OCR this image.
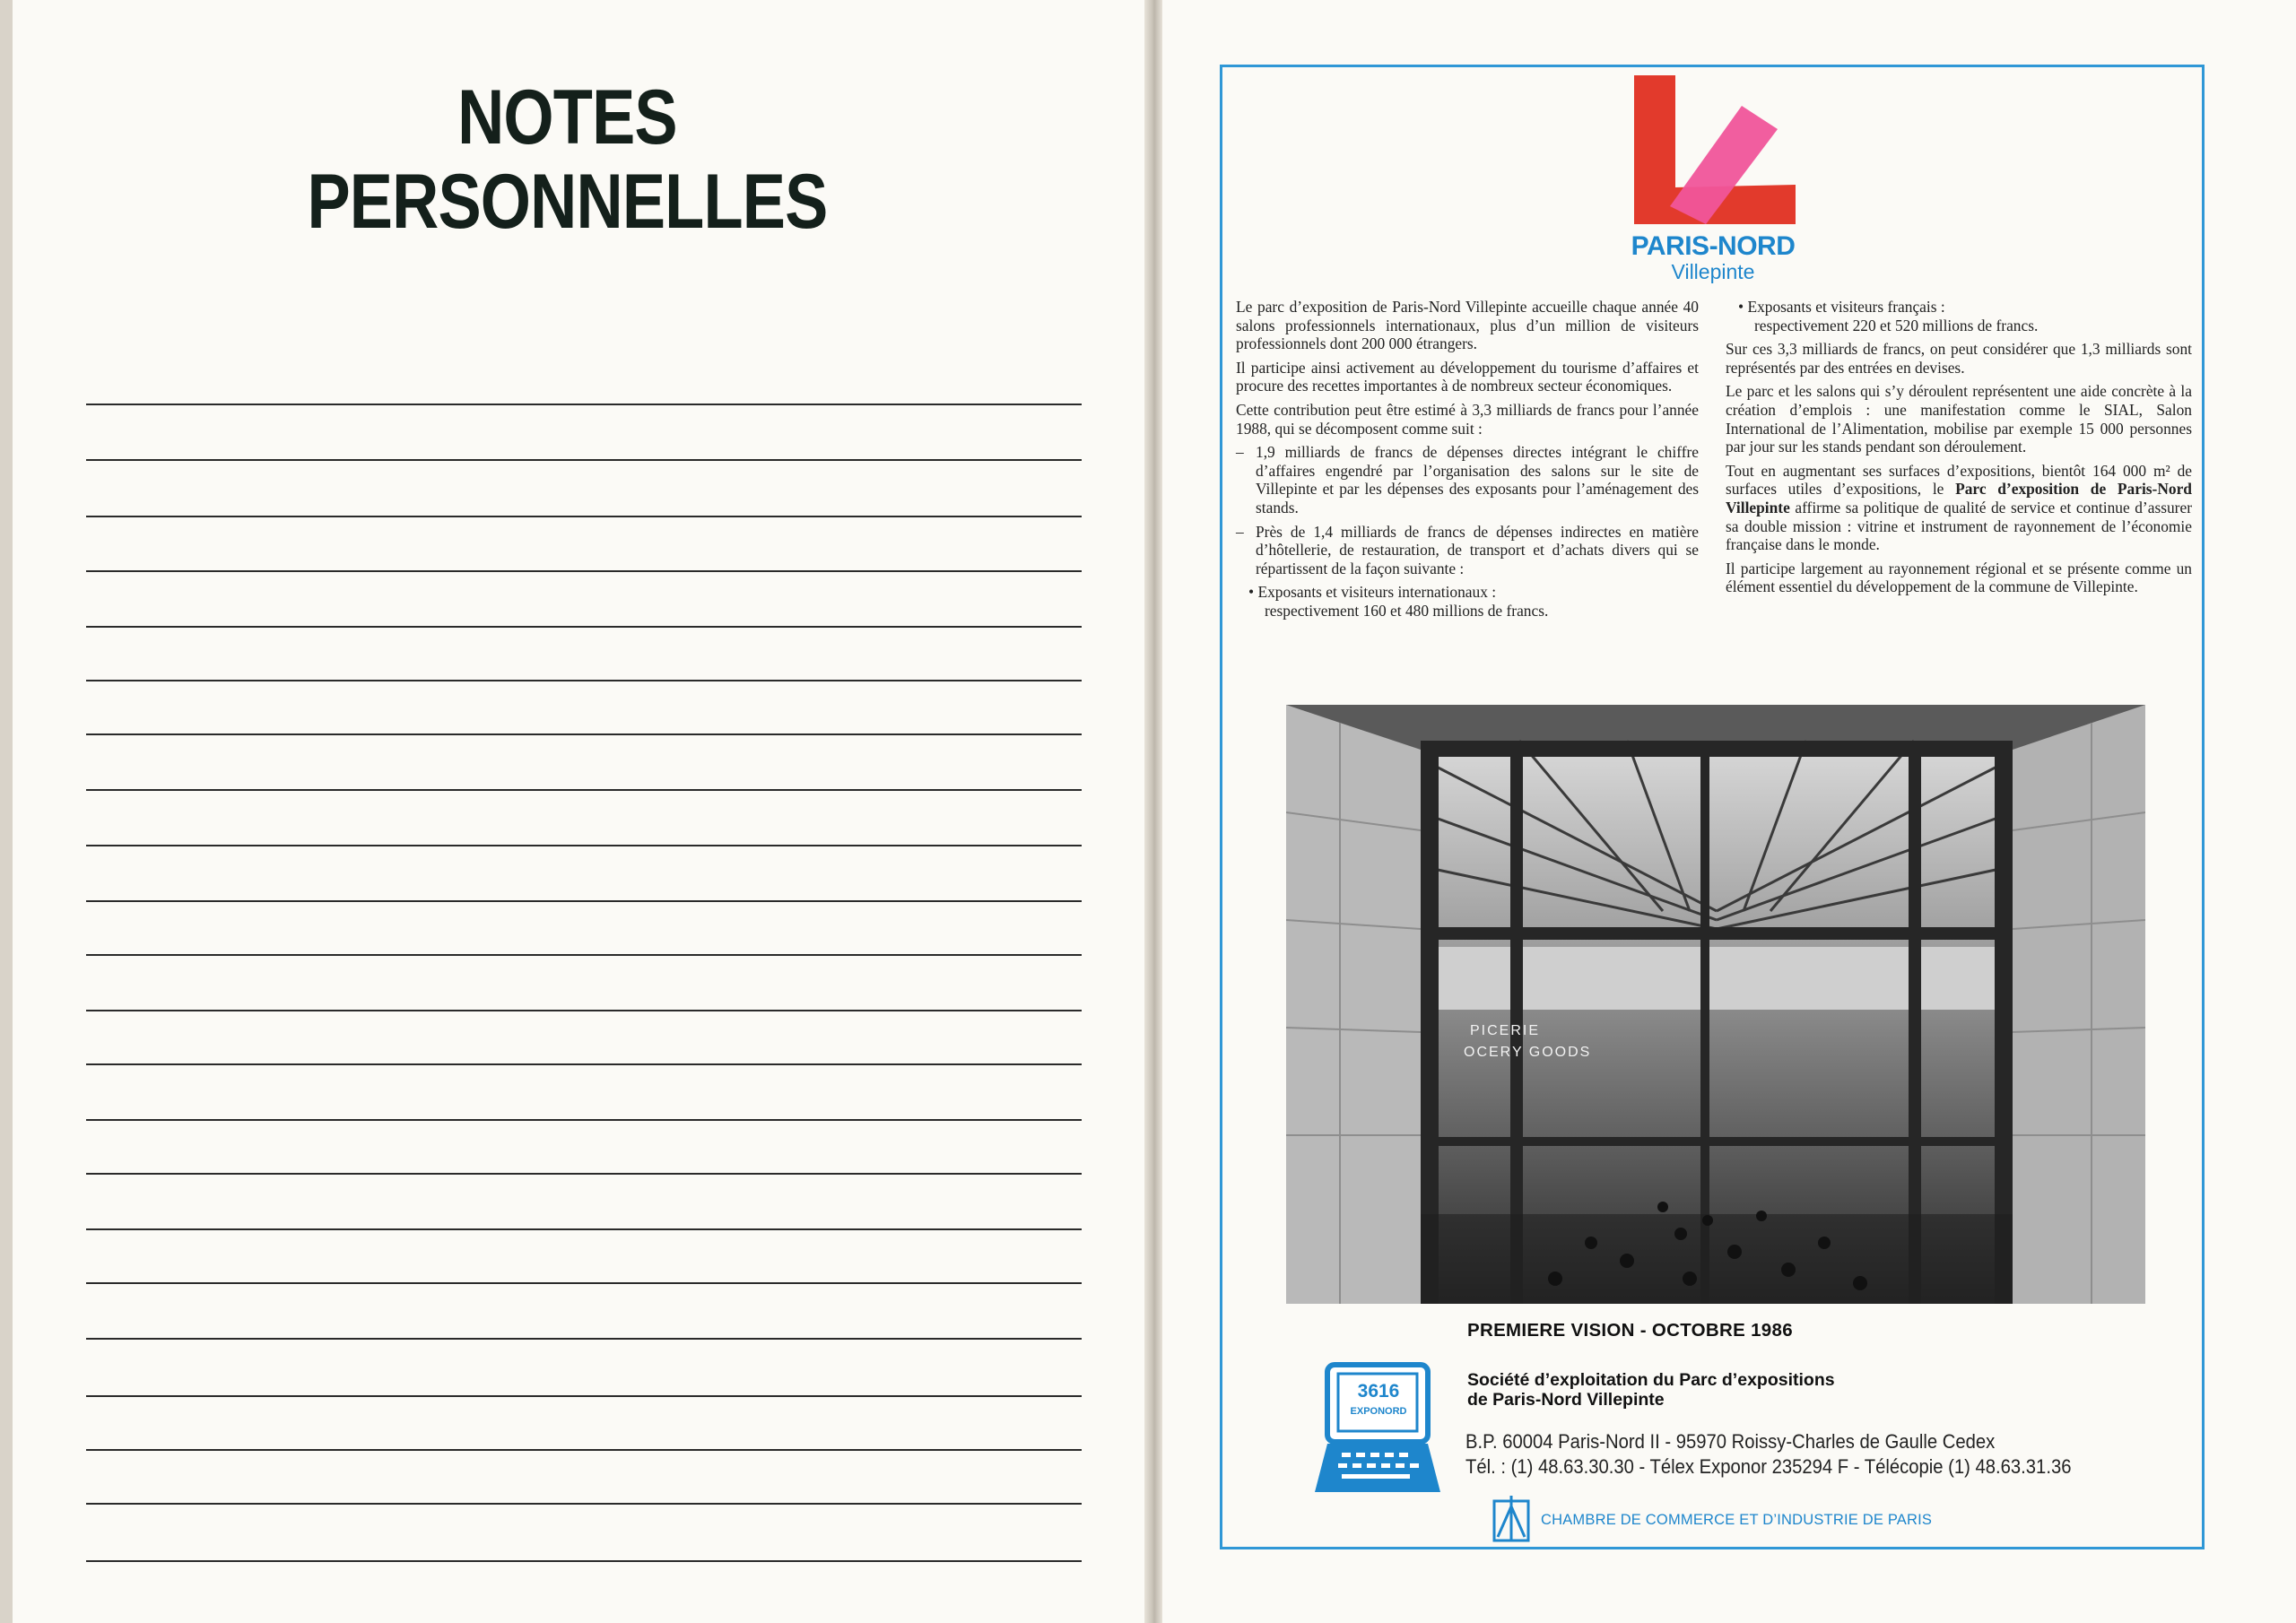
NOTES
PERSONNELLES
PARIS-NORD
Villepinte

Le parc d’exposition de Paris-Nord Villepinte accueille chaque année 40 salons professionnels internationaux, plus d’un million de visiteurs professionnels dont 200 000 étrangers.

Il participe ainsi activement au développement du tourisme d’affaires et procure des recettes importantes à de nombreux secteur économiques.

Cette contribution peut être estimé à 3,3 milliards de francs pour l’année 1988, qui se décomposent comme suit :

– 1,9 milliards de francs de dépenses directes intégrant le chiffre d’affaires engendré par l’organisation des salons sur le site de Villepinte et par les dépenses des exposants pour l’aménagement des stands.
– Près de 1,4 milliards de francs de dépenses indirectes en matière d’hôtellerie, de restauration, de transport et d’achats divers qui se répartissent de la façon suivante :
• Exposants et visiteurs internationaux :
respectivement 160 et 480 millions de francs.
• Exposants et visiteurs français :
respectivement 220 et 520 millions de francs.

Sur ces 3,3 milliards de francs, on peut considérer que 1,3 milliards sont représentés par des entrées en devises.

Le parc et les salons qui s’y déroulent représentent une aide concrète à la création d’emplois : une manifestation comme le SIAL, Salon International de l’Alimentation, mobilise par exemple 15 000 personnes par jour sur les stands pendant son déroulement.

Tout en augmentant ses surfaces d’expositions, bientôt 164 000 m² de surfaces utiles d’expositions, le Parc d’exposition de Paris-Nord Villepinte affirme sa politique de qualité de service et continue d’assurer sa double mission : vitrine et instrument de rayonnement de l’économie française dans le monde.

Il participe largement au rayonnement régional et se présente comme un élément essentiel du développement de la commune de Villepinte.

PICERIE
OCERY GOODS
PREMIERE VISION - OCTOBRE 1986
Société d’exploitation du Parc d’expositions
de Paris-Nord Villepinte
B.P. 60004 Paris-Nord II - 95970 Roissy-Charles de Gaulle Cedex
Tél. : (1) 48.63.30.30 - Télex Exponor 235294 F - Télécopie (1) 48.63.31.36
3616
EXPONORD
CHAMBRE DE COMMERCE ET D’INDUSTRIE DE PARIS
